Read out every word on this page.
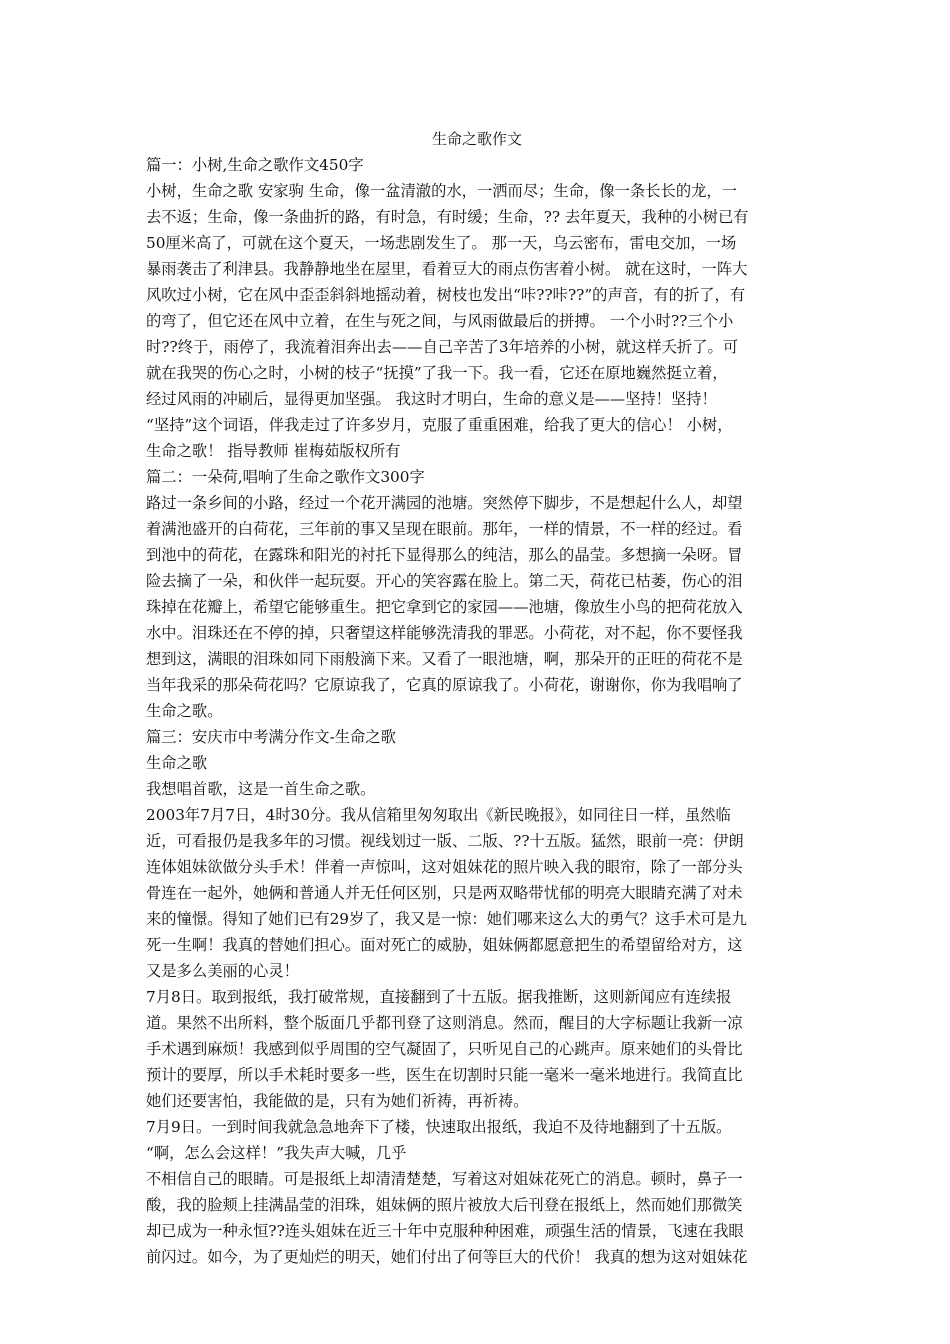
生命之歌作文
篇一：小树,生命之歌作文450字
小树，生命之歌 安家驹 生命，像一盆清澈的水，一洒而尽；生命，像一条长长的龙，一
去不返；生命，像一条曲折的路，有时急，有时缓；生命，?? 去年夏天，我种的小树已有
50厘米高了，可就在这个夏天，一场悲剧发生了。 那一天，乌云密布，雷电交加，一场
暴雨袭击了利津县。我静静地坐在屋里，看着豆大的雨点伤害着小树。 就在这时，一阵大
风吹过小树，它在风中歪歪斜斜地摇动着，树枝也发出“咔??咔??”的声音，有的折了，有
的弯了，但它还在风中立着，在生与死之间，与风雨做最后的拼搏。 一个小时??三个小
时??终于，雨停了，我流着泪奔出去——自己辛苦了3年培养的小树，就这样夭折了。可
就在我哭的伤心之时，小树的枝子“抚摸”了我一下。我一看，它还在原地巍然挺立着，
经过风雨的冲刷后，显得更加坚强。 我这时才明白，生命的意义是——坚持！坚持！
“坚持”这个词语，伴我走过了许多岁月，克服了重重困难，给我了更大的信心！ 小树，
生命之歌！ 指导教师 崔梅茹版权所有
篇二：一朵荷,唱响了生命之歌作文300字
路过一条乡间的小路，经过一个花开满园的池塘。突然停下脚步，不是想起什么人，却望
着满池盛开的白荷花，三年前的事又呈现在眼前。那年，一样的情景，不一样的经过。看
到池中的荷花，在露珠和阳光的衬托下显得那么的纯洁，那么的晶莹。多想摘一朵呀。冒
险去摘了一朵，和伙伴一起玩耍。开心的笑容露在脸上。第二天，荷花已枯萎，伤心的泪
珠掉在花瓣上，希望它能够重生。把它拿到它的家园——池塘，像放生小鸟的把荷花放入
水中。泪珠还在不停的掉，只奢望这样能够洗清我的罪恶。小荷花，对不起，你不要怪我
想到这，满眼的泪珠如同下雨般滴下来。又看了一眼池塘，啊，那朵开的正旺的荷花不是
当年我采的那朵荷花吗？它原谅我了，它真的原谅我了。小荷花，谢谢你，你为我唱响了
生命之歌。
篇三：安庆市中考满分作文-生命之歌
生命之歌
我想唱首歌，这是一首生命之歌。
2003年7月7日，4时30分。我从信箱里匆匆取出《新民晚报》，如同往日一样，虽然临
近，可看报仍是我多年的习惯。视线划过一版、二版、??十五版。猛然，眼前一亮：伊朗
连体姐妹欲做分头手术！伴着一声惊叫，这对姐妹花的照片映入我的眼帘，除了一部分头
骨连在一起外，她俩和普通人并无任何区别，只是两双略带忧郁的明亮大眼睛充满了对未
来的憧憬。得知了她们已有29岁了，我又是一惊：她们哪来这么大的勇气？这手术可是九
死一生啊！我真的替她们担心。面对死亡的威胁，姐妹俩都愿意把生的希望留给对方，这
又是多么美丽的心灵！
7月8日。取到报纸，我打破常规，直接翻到了十五版。据我推断，这则新闻应有连续报
道。果然不出所料，整个版面几乎都刊登了这则消息。然而，醒目的大字标题让我新一凉
手术遇到麻烦！我感到似乎周围的空气凝固了，只听见自己的心跳声。原来她们的头骨比
预计的要厚，所以手术耗时要多一些，医生在切割时只能一毫米一毫米地进行。我简直比
她们还要害怕，我能做的是，只有为她们祈祷，再祈祷。
7月9日。一到时间我就急急地奔下了楼，快速取出报纸，我迫不及待地翻到了十五版。
“啊，怎么会这样！”我失声大喊，几乎
不相信自己的眼睛。可是报纸上却清清楚楚，写着这对姐妹花死亡的消息。顿时，鼻子一
酸，我的脸颊上挂满晶莹的泪珠，姐妹俩的照片被放大后刊登在报纸上，然而她们那微笑
却已成为一种永恒??连头姐妹在近三十年中克服种种困难，顽强生活的情景，飞速在我眼
前闪过。如今，为了更灿烂的明天，她们付出了何等巨大的代价！ 我真的想为这对姐妹花
